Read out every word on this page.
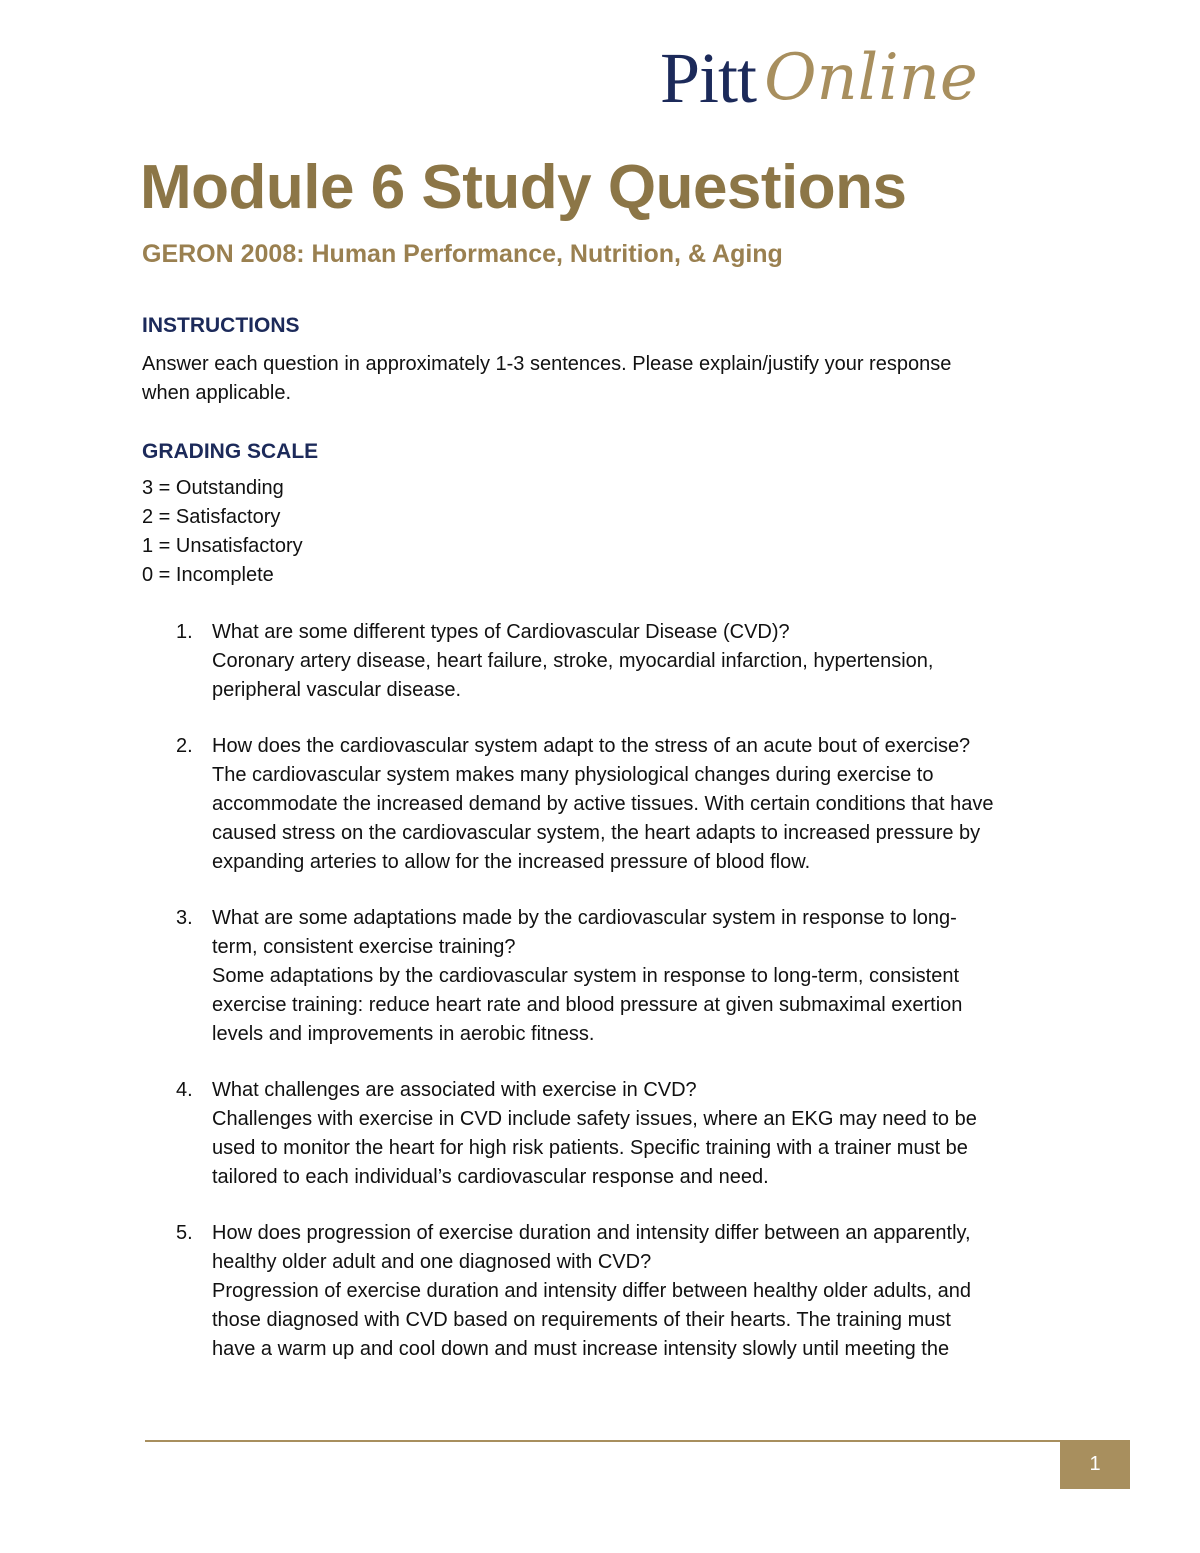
Pitt Online
Module 6 Study Questions
GERON 2008: Human Performance, Nutrition, & Aging
INSTRUCTIONS
Answer each question in approximately 1-3 sentences. Please explain/justify your response
when applicable.
GRADING SCALE
3 = Outstanding
2 = Satisfactory
1 = Unsatisfactory
0 = Incomplete
1. What are some different types of Cardiovascular Disease (CVD)?
Coronary artery disease, heart failure, stroke, myocardial infarction, hypertension,
peripheral vascular disease.
2. How does the cardiovascular system adapt to the stress of an acute bout of exercise?
The cardiovascular system makes many physiological changes during exercise to
accommodate the increased demand by active tissues. With certain conditions that have
caused stress on the cardiovascular system, the heart adapts to increased pressure by
expanding arteries to allow for the increased pressure of blood flow.
3. What are some adaptations made by the cardiovascular system in response to long-
term, consistent exercise training?
Some adaptations by the cardiovascular system in response to long-term, consistent
exercise training: reduce heart rate and blood pressure at given submaximal exertion
levels and improvements in aerobic fitness.
4. What challenges are associated with exercise in CVD?
Challenges with exercise in CVD include safety issues, where an EKG may need to be
used to monitor the heart for high risk patients. Specific training with a trainer must be
tailored to each individual’s cardiovascular response and need.
5. How does progression of exercise duration and intensity differ between an apparently,
healthy older adult and one diagnosed with CVD?
Progression of exercise duration and intensity differ between healthy older adults, and
those diagnosed with CVD based on requirements of their hearts. The training must
have a warm up and cool down and must increase intensity slowly until meeting the
1
